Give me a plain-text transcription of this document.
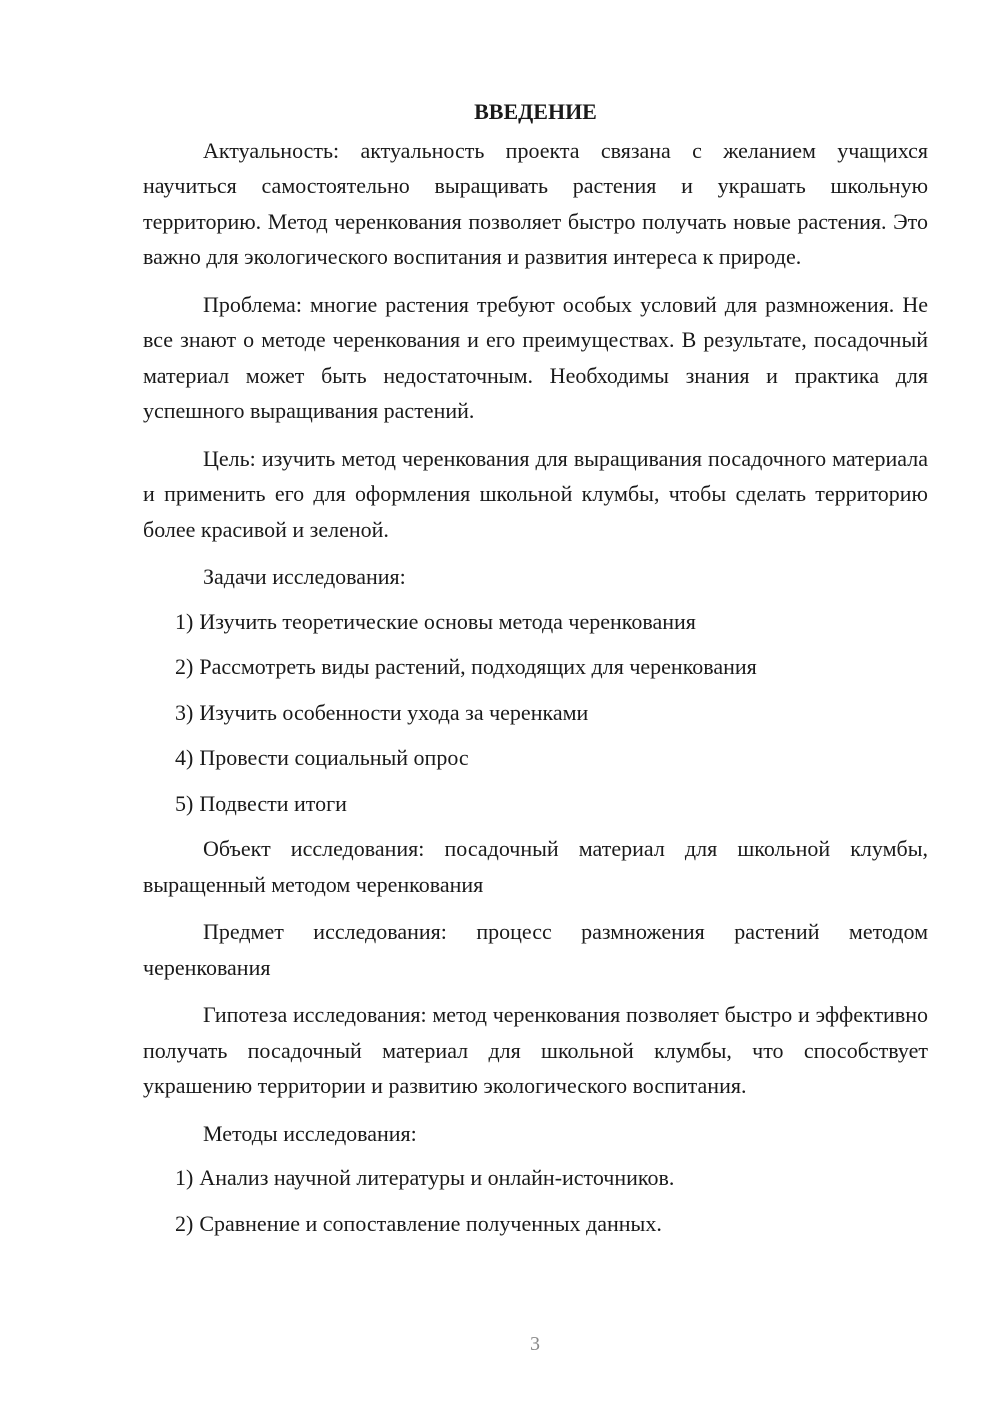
ВВЕДЕНИЕ

Актуальность: актуальность проекта связана с желанием учащихся научиться самостоятельно выращивать растения и украшать школьную территорию. Метод черенкования позволяет быстро получать новые растения. Это важно для экологического воспитания и развития интереса к природе.

Проблема: многие растения требуют особых условий для размножения. Не все знают о методе черенкования и его преимуществах. В результате, посадочный материал может быть недостаточным. Необходимы знания и практика для успешного выращивания растений.

Цель: изучить метод черенкования для выращивания посадочного материала и применить его для оформления школьной клумбы, чтобы сделать территорию более красивой и зеленой.

Задачи исследования:

1) Изучить теоретические основы метода черенкования
2) Рассмотреть виды растений, подходящих для черенкования
3) Изучить особенности ухода за черенками
4) Провести социальный опрос
5) Подвести итоги

Объект исследования: посадочный материал для школьной клумбы, выращенный методом черенкования

Предмет исследования: процесс размножения растений методом черенкования

Гипотеза исследования: метод черенкования позволяет быстро и эффективно получать посадочный материал для школьной клумбы, что способствует украшению территории и развитию экологического воспитания.

Методы исследования:

1) Анализ научной литературы и онлайн-источников.
2) Сравнение и сопоставление полученных данных.
3
